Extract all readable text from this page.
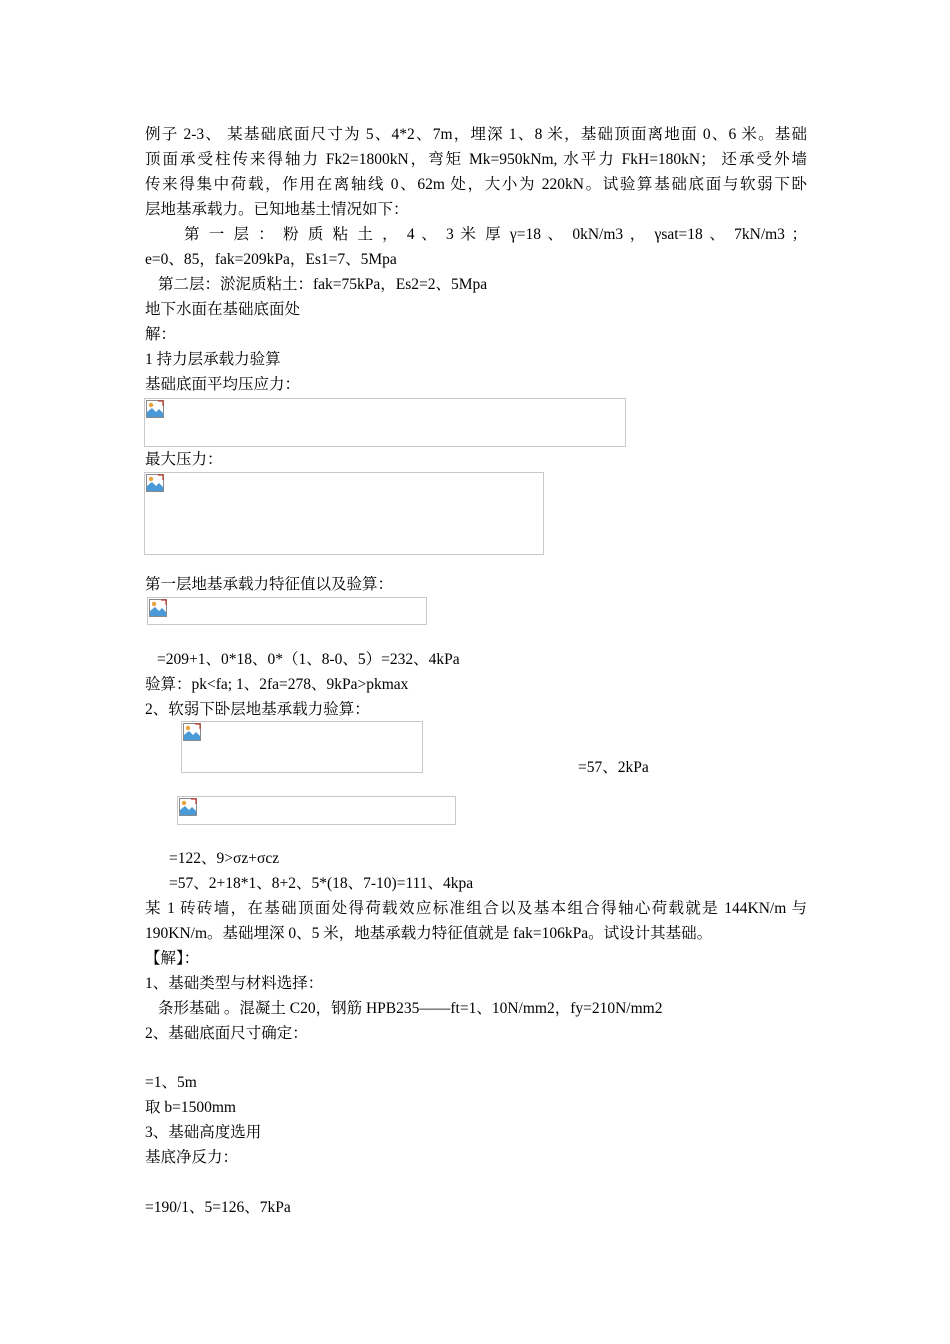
例子 2-3、 某基础底面尺寸为 5、4*2、7m，埋深 1、8 米，基础顶面离地面 0、6 米。基础
顶面承受柱传来得轴力 Fk2=1800kN，弯矩 Mk=950kNm, 水平力 FkH=180kN； 还承受外墙
传来得集中荷载，作用在离轴线 0、62m 处，大小为 220kN。试验算基础底面与软弱下卧
层地基承载力。已知地基土情况如下：
第 一 层 ： 粉 质 粘 土 ， 4 、 3 米 厚 γ=18 、 0kN/m3 ， γsat=18 、 7kN/m3 ；
e=0、85，fak=209kPa，Es1=7、5Mpa
第二层：淤泥质粘土：fak=75kPa，Es2=2、5Mpa
地下水面在基础底面处
解：
1 持力层承载力验算
基础底面平均压应力：
最大压力：
第一层地基承载力特征值以及验算：
=209+1、0*18、0*（1、8-0、5）=232、4kPa
验算：pk<fa; 1、2fa=278、9kPa>pkmax
2、软弱下卧层地基承载力验算：
=57、2kPa
=122、9>σz+σcz
=57、2+18*1、8+2、5*(18、7-10)=111、4kpa
某 1 砖砖墙，在基础顶面处得荷载效应标准组合以及基本组合得轴心荷载就是 144KN/m 与
190KN/m。基础埋深 0、5 米，地基承载力特征值就是 fak=106kPa。试设计其基础。
【解】：
1、基础类型与材料选择：
条形基础 。混凝土 C20，钢筋 HPB235——ft=1、10N/mm2，fy=210N/mm2
2、基础底面尺寸确定：
=1、5m
取 b=1500mm
3、基础高度选用
基底净反力：
=190/1、5=126、7kPa
